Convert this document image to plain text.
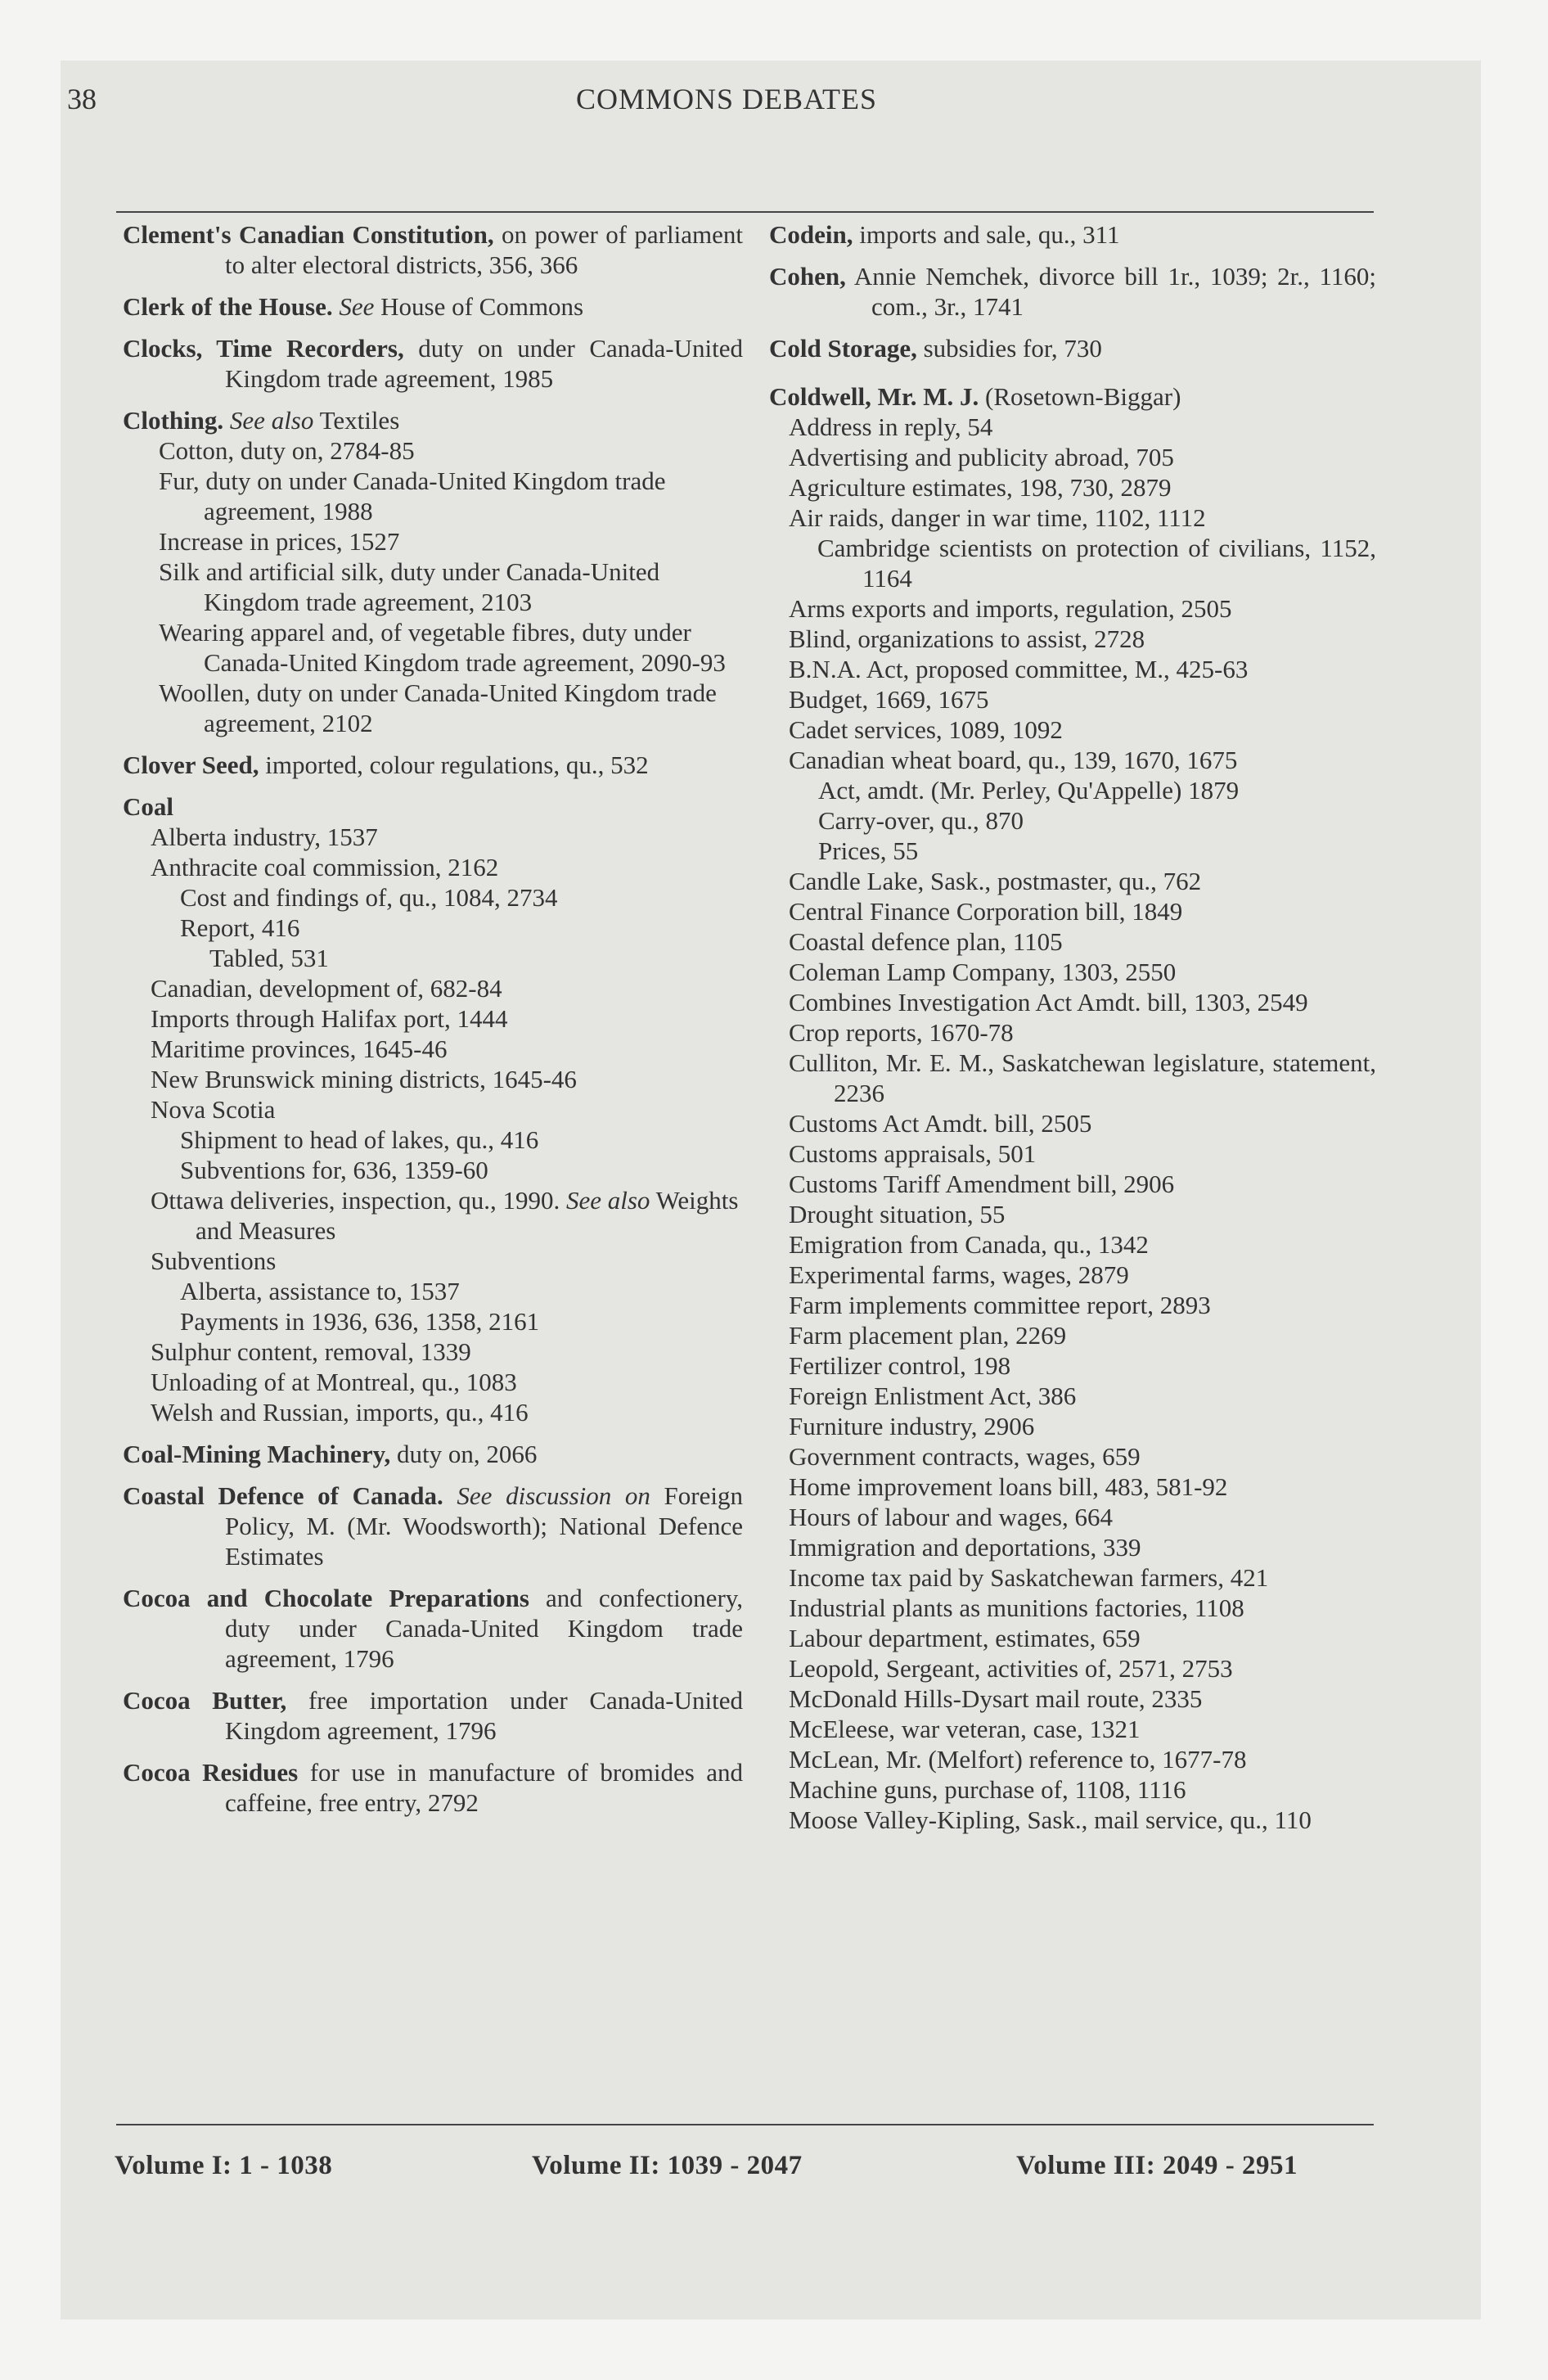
38	COMMONS DEBATES
Clement's Canadian Constitution, on power of parliament to alter electoral districts, 356, 366
Clerk of the House. See House of Commons
Clocks, Time Recorders, duty on under Canada-United Kingdom trade agreement, 1985
Clothing. See also Textiles
Cotton, duty on, 2784-85
Fur, duty on under Canada-United Kingdom trade agreement, 1988
Increase in prices, 1527
Silk and artificial silk, duty under Canada-United Kingdom trade agreement, 2103
Wearing apparel and, of vegetable fibres, duty under Canada-United Kingdom trade agreement, 2090-93
Woollen, duty on under Canada-United Kingdom trade agreement, 2102
Clover Seed, imported, colour regulations, qu., 532
Coal
Alberta industry, 1537
Anthracite coal commission, 2162
Cost and findings of, qu., 1084, 2734
Report, 416
Tabled, 531
Canadian, development of, 682-84
Imports through Halifax port, 1444
Maritime provinces, 1645-46
New Brunswick mining districts, 1645-46
Nova Scotia
Shipment to head of lakes, qu., 416
Subventions for, 636, 1359-60
Ottawa deliveries, inspection, qu., 1990. See also Weights and Measures
Subventions
Alberta, assistance to, 1537
Payments in 1936, 636, 1358, 2161
Sulphur content, removal, 1339
Unloading of at Montreal, qu., 1083
Welsh and Russian, imports, qu., 416
Coal-Mining Machinery, duty on, 2066
Coastal Defence of Canada. See discussion on Foreign Policy, M. (Mr. Woodsworth); National Defence Estimates
Cocoa and Chocolate Preparations and confectionery, duty under Canada-United Kingdom trade agreement, 1796
Cocoa Butter, free importation under Canada-United Kingdom agreement, 1796
Cocoa Residues for use in manufacture of bromides and caffeine, free entry, 2792
Codein, imports and sale, qu., 311
Cohen, Annie Nemchek, divorce bill 1r., 1039; 2r., 1160; com., 3r., 1741
Cold Storage, subsidies for, 730
Coldwell, Mr. M. J. (Rosetown-Biggar)
Address in reply, 54
Advertising and publicity abroad, 705
Agriculture estimates, 198, 730, 2879
Air raids, danger in war time, 1102, 1112
Cambridge scientists on protection of civilians, 1152, 1164
Arms exports and imports, regulation, 2505
Blind, organizations to assist, 2728
B.N.A. Act, proposed committee, M., 425-63
Budget, 1669, 1675
Cadet services, 1089, 1092
Canadian wheat board, qu., 139, 1670, 1675
Act, amdt. (Mr. Perley, Qu'Appelle) 1879
Carry-over, qu., 870
Prices, 55
Candle Lake, Sask., postmaster, qu., 762
Central Finance Corporation bill, 1849
Coastal defence plan, 1105
Coleman Lamp Company, 1303, 2550
Combines Investigation Act Amdt. bill, 1303, 2549
Crop reports, 1670-78
Culliton, Mr. E. M., Saskatchewan legislature, statement, 2236
Customs Act Amdt. bill, 2505
Customs appraisals, 501
Customs Tariff Amendment bill, 2906
Drought situation, 55
Emigration from Canada, qu., 1342
Experimental farms, wages, 2879
Farm implements committee report, 2893
Farm placement plan, 2269
Fertilizer control, 198
Foreign Enlistment Act, 386
Furniture industry, 2906
Government contracts, wages, 659
Home improvement loans bill, 483, 581-92
Hours of labour and wages, 664
Immigration and deportations, 339
Income tax paid by Saskatchewan farmers, 421
Industrial plants as munitions factories, 1108
Labour department, estimates, 659
Leopold, Sergeant, activities of, 2571, 2753
McDonald Hills-Dysart mail route, 2335
McEleese, war veteran, case, 1321
McLean, Mr. (Melfort) reference to, 1677-78
Machine guns, purchase of, 1108, 1116
Moose Valley-Kipling, Sask., mail service, qu., 110
Volume I: 1 - 1038	Volume II: 1039 - 2047	Volume III: 2049 - 2951
